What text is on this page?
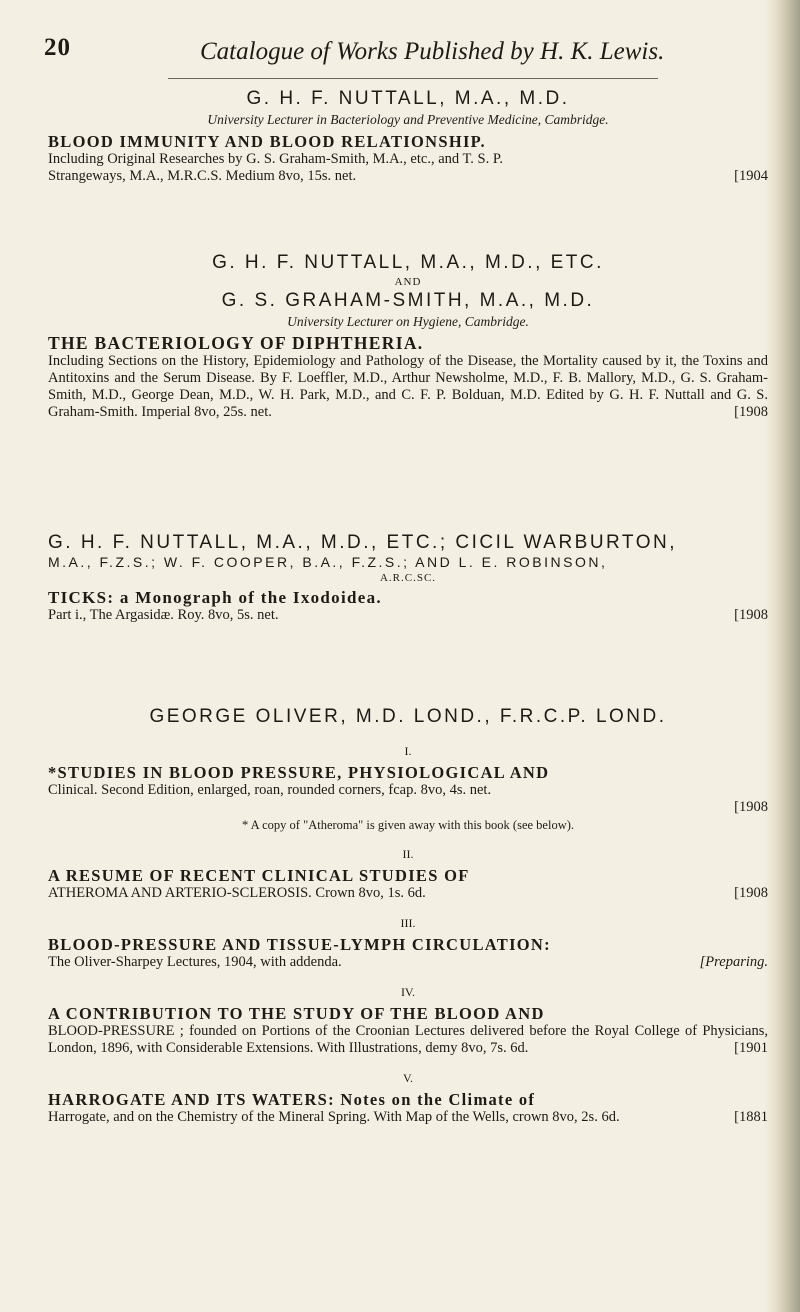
20	Catalogue of Works Published by H. K. Lewis.

G. H. F. NUTTALL, M.A., M.D.

University Lecturer in Bacteriology and Preventive Medicine, Cambridge.

BLOOD IMMUNITY AND BLOOD RELATIONSHIP.

Including Original Researches by G. S. Graham-Smith, M.A., etc., and T. S. P.
Strangeways, M.A., M.R.C.S. Medium 8vo, 15s. net.	[1904

G. H. F. NUTTALL, M.A., M.D., ETC.

AND

G. S. GRAHAM-SMITH, M.A., M.D.

University Lecturer on Hygiene, Cambridge.

THE BACTERIOLOGY OF DIPHTHERIA.

Including Sections on the History, Epidemiology and Pathology of the Disease, the Mortality caused by it, the Toxins and Antitoxins and the Serum Disease. By F. Loeffler, M.D., Arthur Newsholme, M.D., F. B. Mallory, M.D., G. S. Graham-Smith, M.D., George Dean, M.D., W. H. Park, M.D., and C. F. P. Bolduan, M.D. Edited by G. H. F. Nuttall and G. S. Graham-Smith. Imperial 8vo, 25s. net.	[1908

G. H. F. NUTTALL, M.A., M.D., ETC.; CICIL WARBURTON,

M.A., F.Z.S.; W. F. COOPER, B.A., F.Z.S.; AND L. E. ROBINSON,

A.R.C.SC.

TICKS: a Monograph of the Ixodoidea.

Part i., The Argasidæ. Roy. 8vo, 5s. net.	[1908

GEORGE OLIVER, M.D. LOND., F.R.C.P. LOND.

I.

*STUDIES IN BLOOD PRESSURE, PHYSIOLOGICAL AND

Clinical. Second Edition, enlarged, roan, rounded corners, fcap. 8vo, 4s. net.
[1908

* A copy of "Atheroma" is given away with this book (see below).

II.

A RESUME OF RECENT CLINICAL STUDIES OF

ATHEROMA AND ARTERIO-SCLEROSIS. Crown 8vo, 1s. 6d.	[1908

III.

BLOOD-PRESSURE AND TISSUE-LYMPH CIRCULATION:

The Oliver-Sharpey Lectures, 1904, with addenda.	[Preparing.

IV.

A CONTRIBUTION TO THE STUDY OF THE BLOOD AND

BLOOD-PRESSURE ; founded on Portions of the Croonian Lectures delivered before the Royal College of Physicians, London, 1896, with Considerable Extensions. With Illustrations, demy 8vo, 7s. 6d.	[1901

V.

HARROGATE AND ITS WATERS: Notes on the Climate of

Harrogate, and on the Chemistry of the Mineral Spring. With Map of the Wells, crown 8vo, 2s. 6d.	[1881
